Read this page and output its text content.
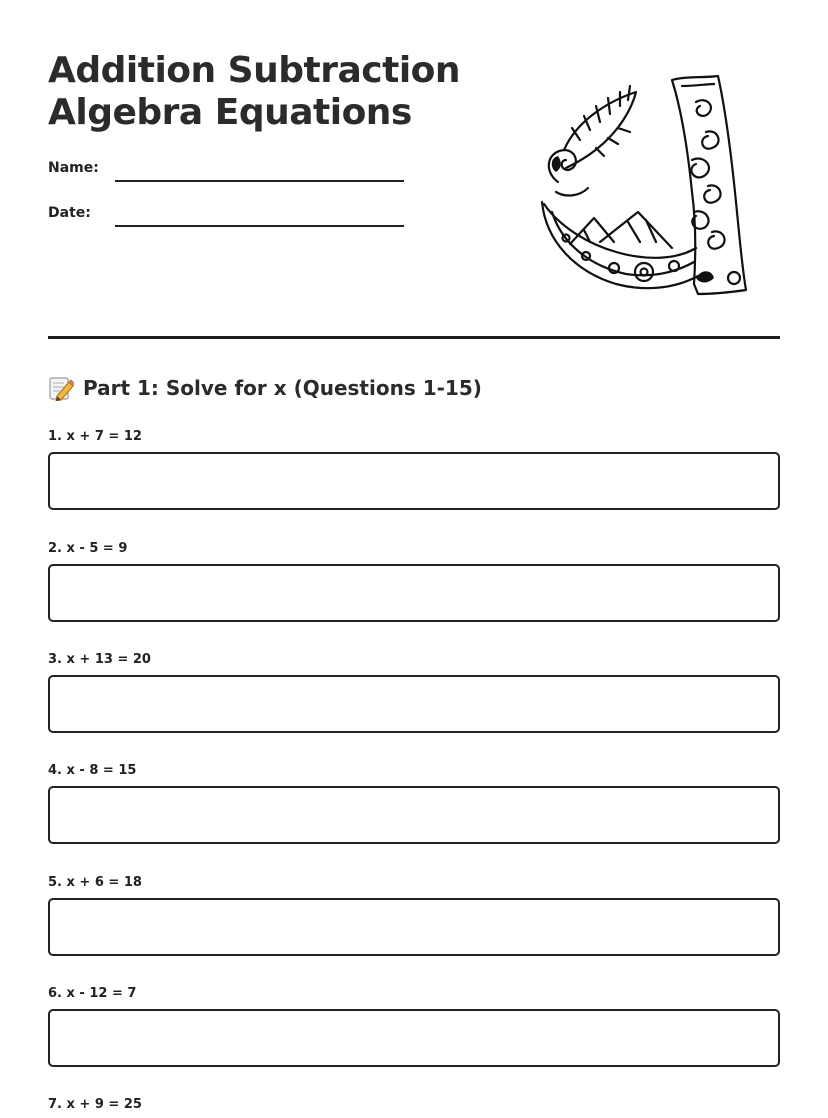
Addition Subtraction
Algebra Equations
Name:
Date:
Part 1: Solve for x (Questions 1-15)
1. x + 7 = 12
2. x - 5 = 9
3. x + 13 = 20
4. x - 8 = 15
5. x + 6 = 18
6. x - 12 = 7
7. x + 9 = 25
